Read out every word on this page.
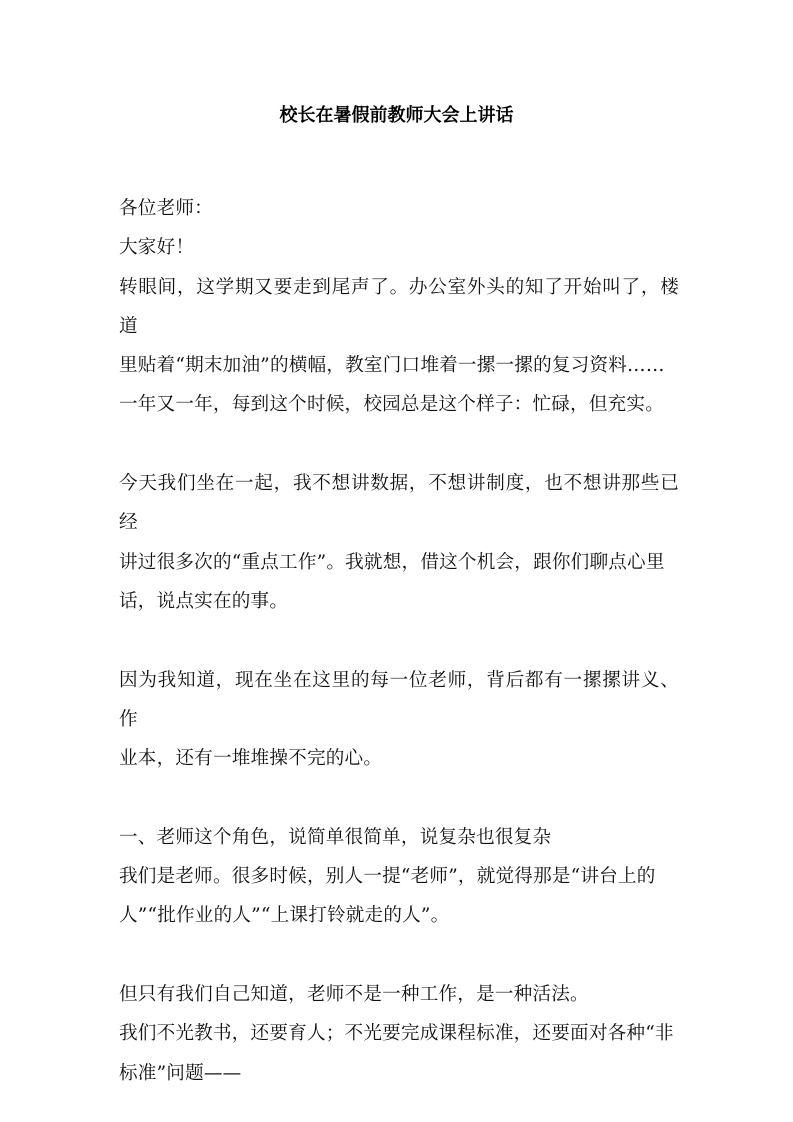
校长在暑假前教师大会上讲话
各位老师：
大家好！
转眼间，这学期又要走到尾声了。办公室外头的知了开始叫了，楼道
里贴着“期末加油”的横幅，教室门口堆着一摞一摞的复习资料……
一年又一年，每到这个时候，校园总是这个样子：忙碌，但充实。
今天我们坐在一起，我不想讲数据，不想讲制度，也不想讲那些已经
讲过很多次的“重点工作”。我就想，借这个机会，跟你们聊点心里
话，说点实在的事。
因为我知道，现在坐在这里的每一位老师，背后都有一摞摞讲义、作
业本，还有一堆堆操不完的心。
一、老师这个角色，说简单很简单，说复杂也很复杂
我们是老师。很多时候，别人一提“老师”，就觉得那是“讲台上的
人”“批作业的人”“上课打铃就走的人”。
但只有我们自己知道，老师不是一种工作，是一种活法。
我们不光教书，还要育人；不光要完成课程标准，还要面对各种“非
标准”问题——
